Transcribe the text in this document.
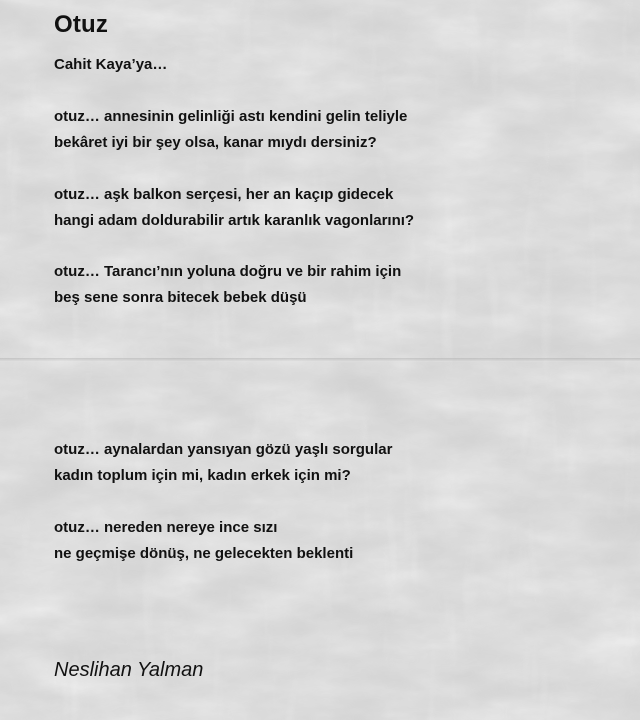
Otuz
Cahit Kaya’ya…
otuz… annesinin gelinliği astı kendini gelin teliyle
bekâret iyi bir şey olsa, kanar mıydı dersiniz?
otuz… aşk balkon serçesi, her an kaçıp gidecek
hangi adam doldurabilir artık karanlık vagonlarını?
otuz… Tarancı’nın yoluna doğru ve bir rahim için
beş sene sonra bitecek bebek düşü
otuz… aynalardan yansıyan gözü yaşlı sorgular
kadın toplum için mi, kadın erkek için mi?
otuz… nereden nereye ince sızı
ne geçmişe dönüş, ne gelecekten beklenti
Neslihan Yalman
